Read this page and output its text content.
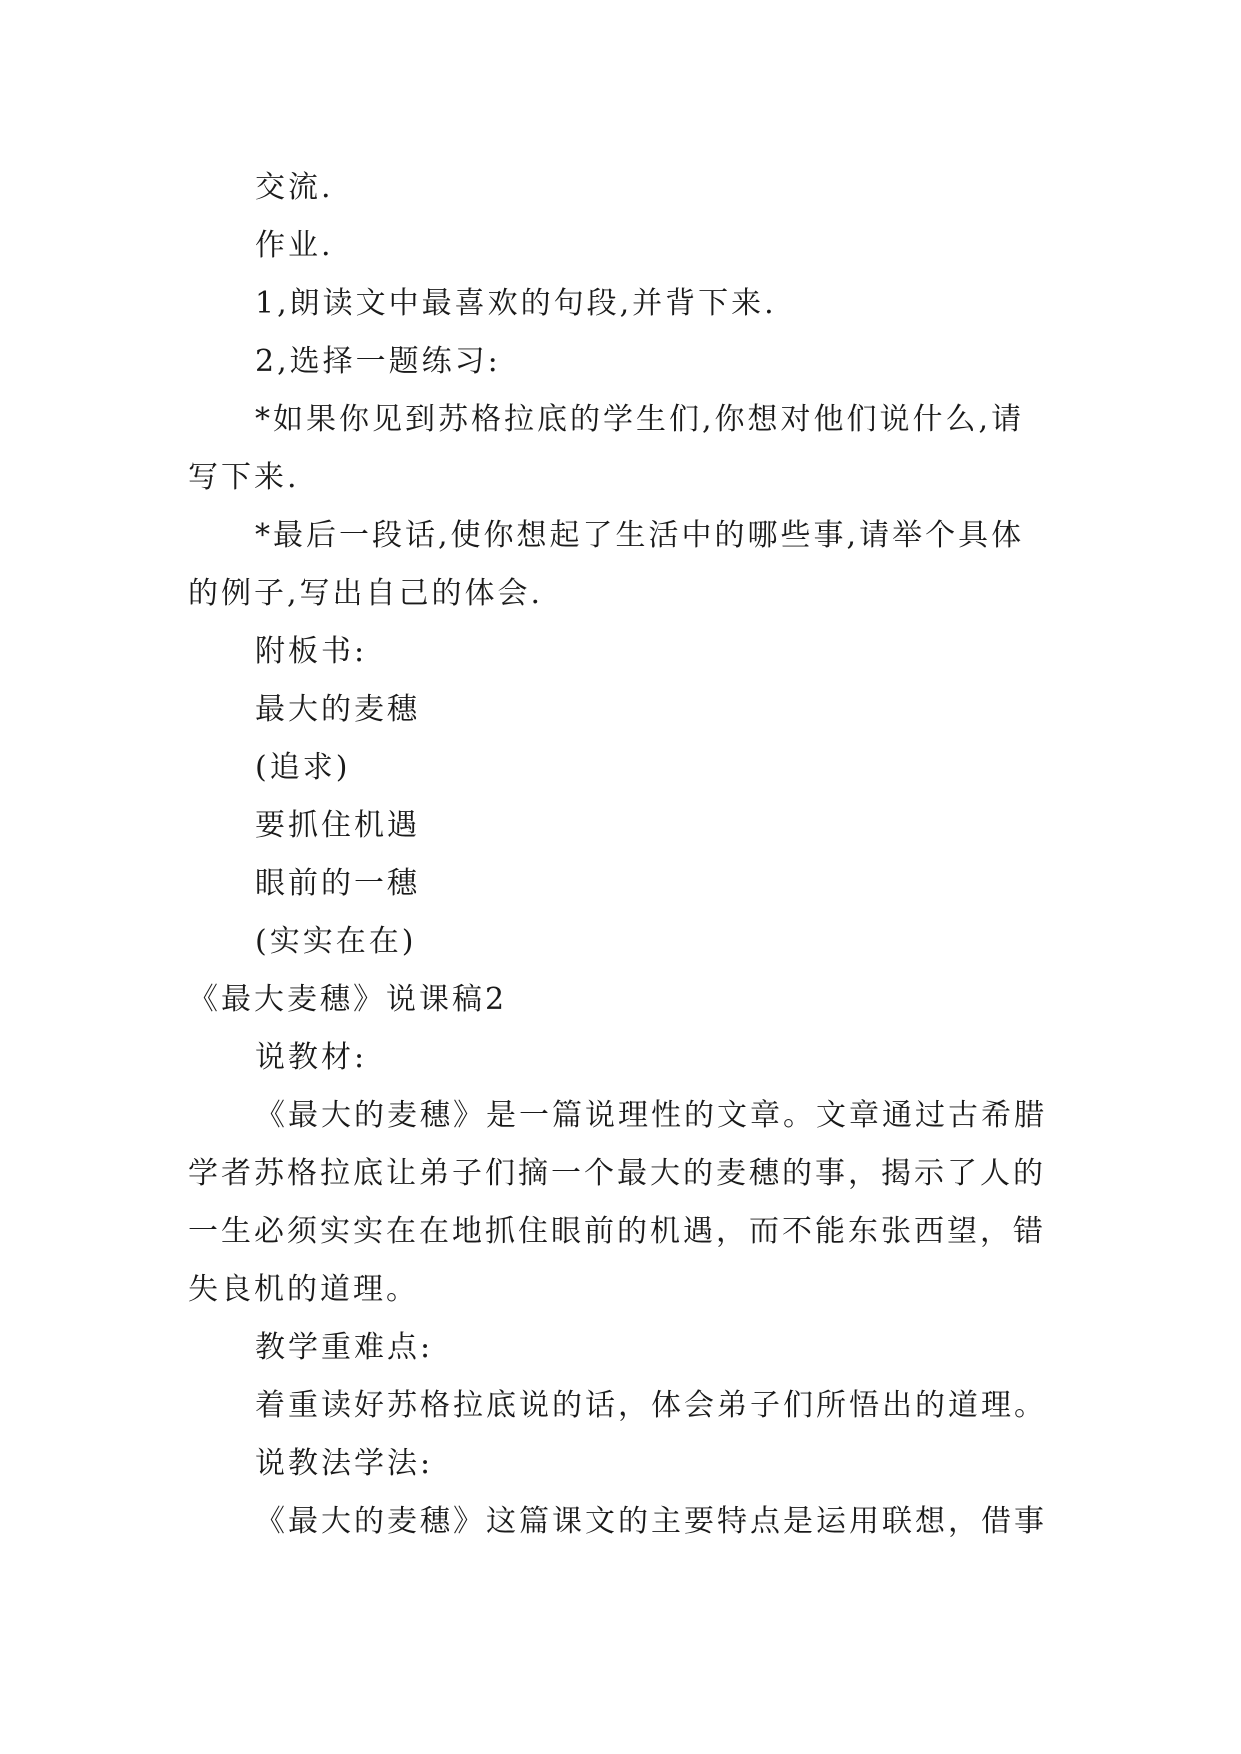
交流.
作业.
1,朗读文中最喜欢的句段,并背下来.
2,选择一题练习:
*如果你见到苏格拉底的学生们,你想对他们说什么,请
写下来.
*最后一段话,使你想起了生活中的哪些事,请举个具体
的例子,写出自己的体会.
附板书:
最大的麦穗
(追求)
要抓住机遇
眼前的一穗
(实实在在)
《最大麦穗》说课稿2
说教材:
《最大的麦穗》是一篇说理性的文章。文章通过古希腊
学者苏格拉底让弟子们摘一个最大的麦穗的事，揭示了人的
一生必须实实在在地抓住眼前的机遇，而不能东张西望，错
失良机的道理。
教学重难点:
着重读好苏格拉底说的话，体会弟子们所悟出的道理。
说教法学法:
《最大的麦穗》这篇课文的主要特点是运用联想，借事
